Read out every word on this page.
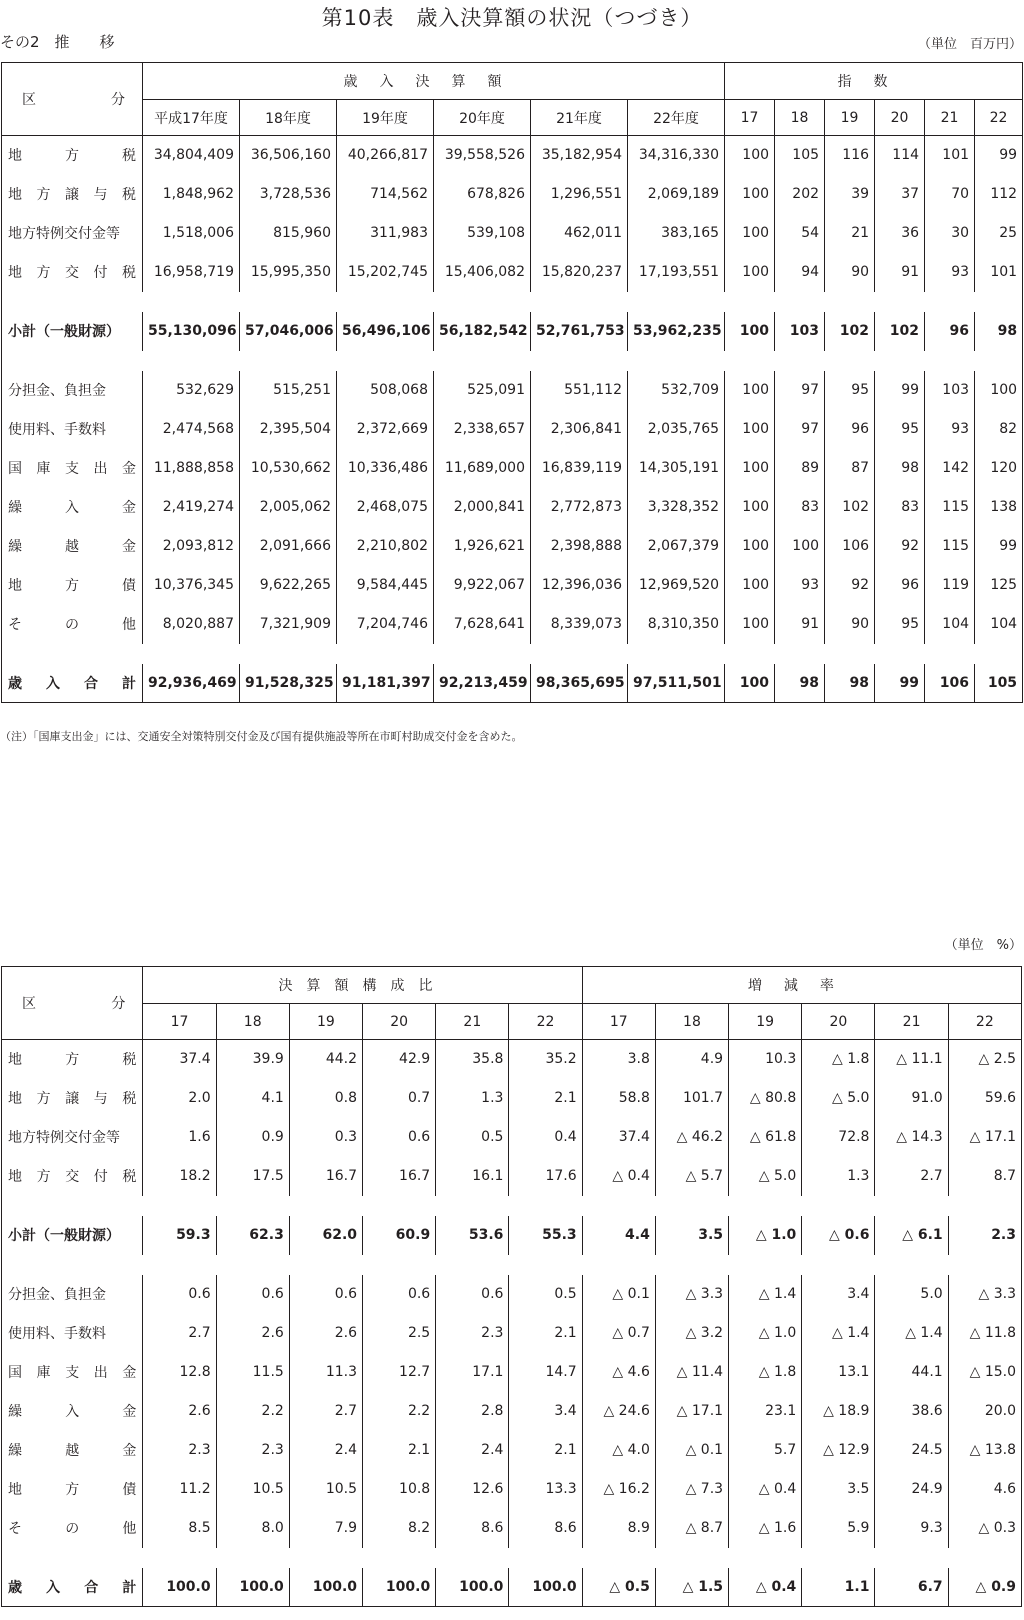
第10表　歳入決算額の状況（つづき）
その2　推　　移	（単位　百万円）
区 分	歳入決算額						指数					
	平成17年度	18年度	19年度	20年度	21年度	22年度	17	18	19	20	21	22
地方税	34,804,409	36,506,160	40,266,817	39,558,526	35,182,954	34,316,330	100	105	116	114	101	99
地方譲与税	1,848,962	3,728,536	714,562	678,826	1,296,551	2,069,189	100	202	39	37	70	112
地方特例交付金等	1,518,006	815,960	311,983	539,108	462,011	383,165	100	54	21	36	30	25
地方交付税	16,958,719	15,995,350	15,202,745	15,406,082	15,820,237	17,193,551	100	94	90	91	93	101

小計（一般財源）	55,130,096	57,046,006	56,496,106	56,182,542	52,761,753	53,962,235	100	103	102	102	96	98

分担金、負担金	532,629	515,251	508,068	525,091	551,112	532,709	100	97	95	99	103	100
使用料、手数料	2,474,568	2,395,504	2,372,669	2,338,657	2,306,841	2,035,765	100	97	96	95	93	82
国庫支出金	11,888,858	10,530,662	10,336,486	11,689,000	16,839,119	14,305,191	100	89	87	98	142	120
繰入金	2,419,274	2,005,062	2,468,075	2,000,841	2,772,873	3,328,352	100	83	102	83	115	138
繰越金	2,093,812	2,091,666	2,210,802	1,926,621	2,398,888	2,067,379	100	100	106	92	115	99
地方債	10,376,345	9,622,265	9,584,445	9,922,067	12,396,036	12,969,520	100	93	92	96	119	125
その他	8,020,887	7,321,909	7,204,746	7,628,641	8,339,073	8,310,350	100	91	90	95	104	104

歳入合計	92,936,469	91,528,325	91,181,397	92,213,459	98,365,695	97,511,501	100	98	98	99	106	105
（注）「国庫支出金」には、交通安全対策特別交付金及び国有提供施設等所在市町村助成交付金を含めた。
（単位　%）
区 分	決算額構成比						増減率					
	17	18	19	20	21	22	17	18	19	20	21	22
地方税	37.4	39.9	44.2	42.9	35.8	35.2	3.8	4.9	10.3	△ 1.8	△ 11.1	△ 2.5
地方譲与税	2.0	4.1	0.8	0.7	1.3	2.1	58.8	101.7	△ 80.8	△ 5.0	91.0	59.6
地方特例交付金等	1.6	0.9	0.3	0.6	0.5	0.4	37.4	△ 46.2	△ 61.8	72.8	△ 14.3	△ 17.1
地方交付税	18.2	17.5	16.7	16.7	16.1	17.6	△ 0.4	△ 5.7	△ 5.0	1.3	2.7	8.7

小計（一般財源）	59.3	62.3	62.0	60.9	53.6	55.3	4.4	3.5	△ 1.0	△ 0.6	△ 6.1	2.3

分担金、負担金	0.6	0.6	0.6	0.6	0.6	0.5	△ 0.1	△ 3.3	△ 1.4	3.4	5.0	△ 3.3
使用料、手数料	2.7	2.6	2.6	2.5	2.3	2.1	△ 0.7	△ 3.2	△ 1.0	△ 1.4	△ 1.4	△ 11.8
国庫支出金	12.8	11.5	11.3	12.7	17.1	14.7	△ 4.6	△ 11.4	△ 1.8	13.1	44.1	△ 15.0
繰入金	2.6	2.2	2.7	2.2	2.8	3.4	△ 24.6	△ 17.1	23.1	△ 18.9	38.6	20.0
繰越金	2.3	2.3	2.4	2.1	2.4	2.1	△ 4.0	△ 0.1	5.7	△ 12.9	24.5	△ 13.8
地方債	11.2	10.5	10.5	10.8	12.6	13.3	△ 16.2	△ 7.3	△ 0.4	3.5	24.9	4.6
その他	8.5	8.0	7.9	8.2	8.6	8.6	8.9	△ 8.7	△ 1.6	5.9	9.3	△ 0.3

歳入合計	100.0	100.0	100.0	100.0	100.0	100.0	△ 0.5	△ 1.5	△ 0.4	1.1	6.7	△ 0.9
